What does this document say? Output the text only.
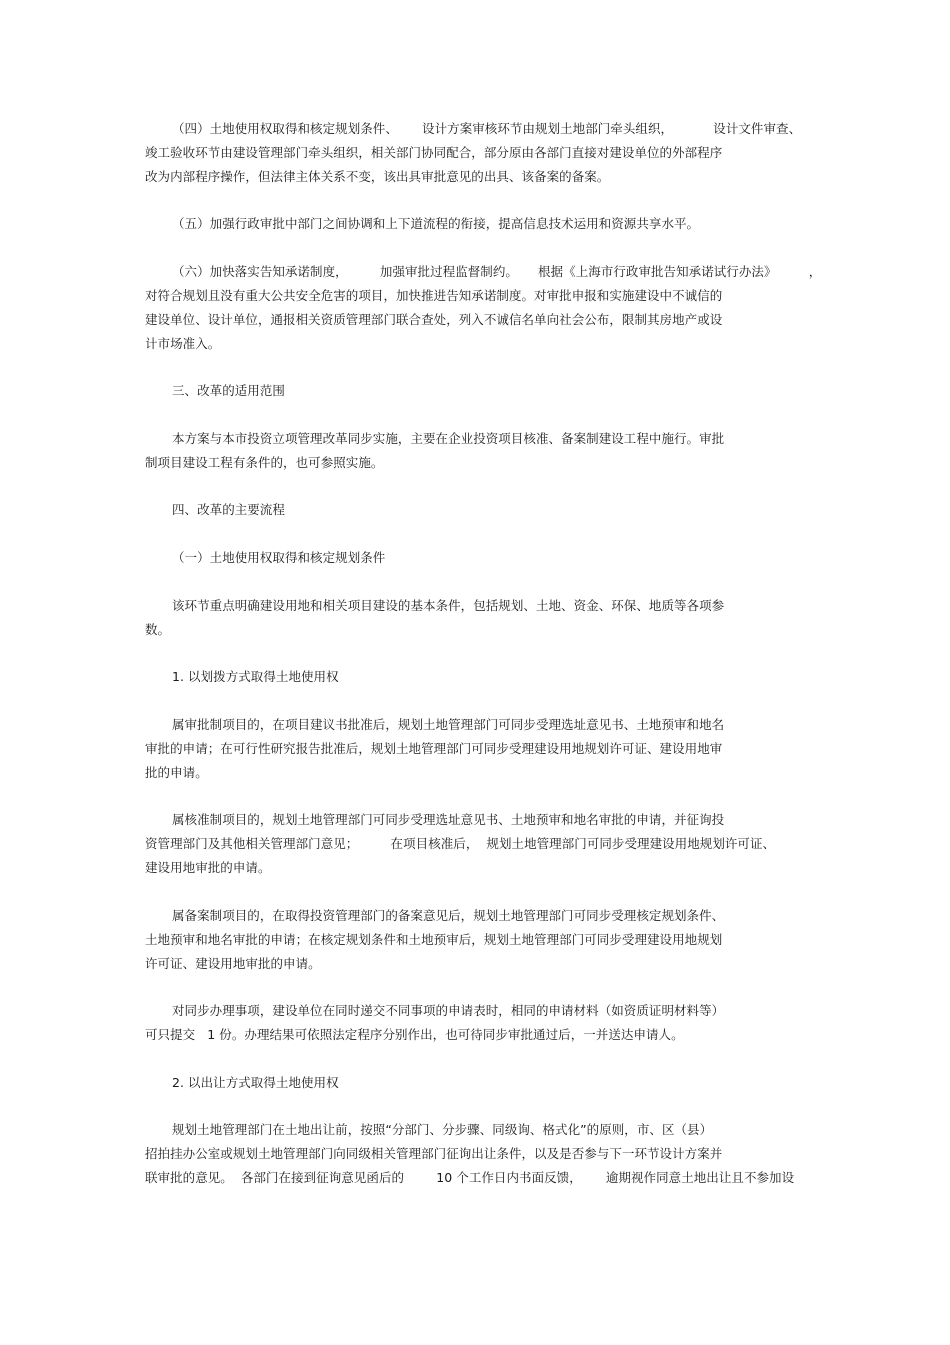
（四）土地使用权取得和核定规划条件、      设计方案审核环节由规划土地部门牵头组织，          设计文件审查、
竣工验收环节由建设管理部门牵头组织，相关部门协同配合，部分原由各部门直接对建设单位的外部程序
改为内部程序操作，但法律主体关系不变，该出具审批意见的出具、该备案的备案。
（五）加强行政审批中部门之间协调和上下道流程的衔接，提高信息技术运用和资源共享水平。
（六）加快落实告知承诺制度，        加强审批过程监督制约。     根据《上海市行政审批告知承诺试行办法》        ，
对符合规划且没有重大公共安全危害的项目，加快推进告知承诺制度。对审批申报和实施建设中不诚信的
建设单位、设计单位，通报相关资质管理部门联合查处，列入不诚信名单向社会公布，限制其房地产或设
计市场准入。
三、改革的适用范围
本方案与本市投资立项管理改革同步实施，主要在企业投资项目核准、备案制建设工程中施行。审批
制项目建设工程有条件的，也可参照实施。
四、改革的主要流程
（一）土地使用权取得和核定规划条件
该环节重点明确建设用地和相关项目建设的基本条件，包括规划、土地、资金、环保、地质等各项参
数。
1. 以划拨方式取得土地使用权
属审批制项目的，在项目建议书批准后，规划土地管理部门可同步受理选址意见书、土地预审和地名
审批的申请；在可行性研究报告批准后，规划土地管理部门可同步受理建设用地规划许可证、建设用地审
批的申请。
属核准制项目的，规划土地管理部门可同步受理选址意见书、土地预审和地名审批的申请，并征询投
资管理部门及其他相关管理部门意见；        在项目核准后，  规划土地管理部门可同步受理建设用地规划许可证、
建设用地审批的申请。
属备案制项目的，在取得投资管理部门的备案意见后，规划土地管理部门可同步受理核定规划条件、
土地预审和地名审批的申请；在核定规划条件和土地预审后，规划土地管理部门可同步受理建设用地规划
许可证、建设用地审批的申请。
对同步办理事项，建设单位在同时递交不同事项的申请表时，相同的申请材料（如资质证明材料等）
可只提交   1 份。办理结果可依照法定程序分别作出，也可待同步审批通过后，一并送达申请人。
2. 以出让方式取得土地使用权
规划土地管理部门在土地出让前，按照“分部门、分步骤、同级询、格式化”的原则，市、区（县）
招拍挂办公室或规划土地管理部门向同级相关管理部门征询出让条件，以及是否参与下一环节设计方案并
联审批的意见。  各部门在接到征询意见函后的        10 个工作日内书面反馈，      逾期视作同意土地出让且不参加设
